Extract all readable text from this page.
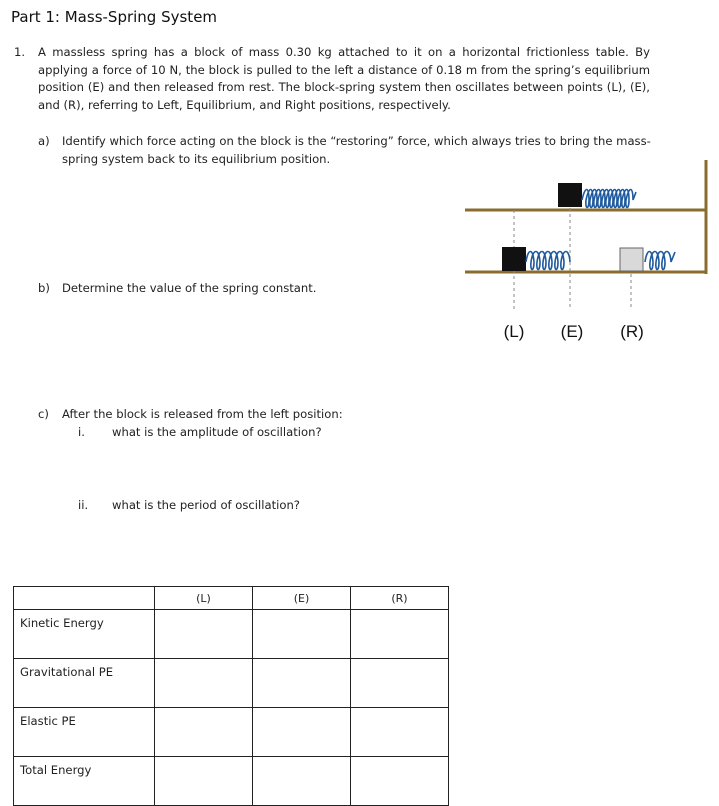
Part 1: Mass-Spring System
1. A massless spring has a block of mass 0.30 kg attached to it on a horizontal frictionless table. By applying a force of 10 N, the block is pulled to the left a distance of 0.18 m from the spring’s equilibrium position (E) and then released from rest. The block-spring system then oscillates between points (L), (E), and (R), referring to Left, Equilibrium, and Right positions, respectively.
a) Identify which force acting on the block is the “restoring” force, which always tries to bring the mass-spring system back to its equilibrium position.
b) Determine the value of the spring constant.
c) After the block is released from the left position:
i. what is the amplitude of oscillation?
ii. what is the period of oscillation?
(L) (E) (R)
	(L)	(E)	(R)
Kinetic Energy			
Gravitational PE			
Elastic PE			
Total Energy			
